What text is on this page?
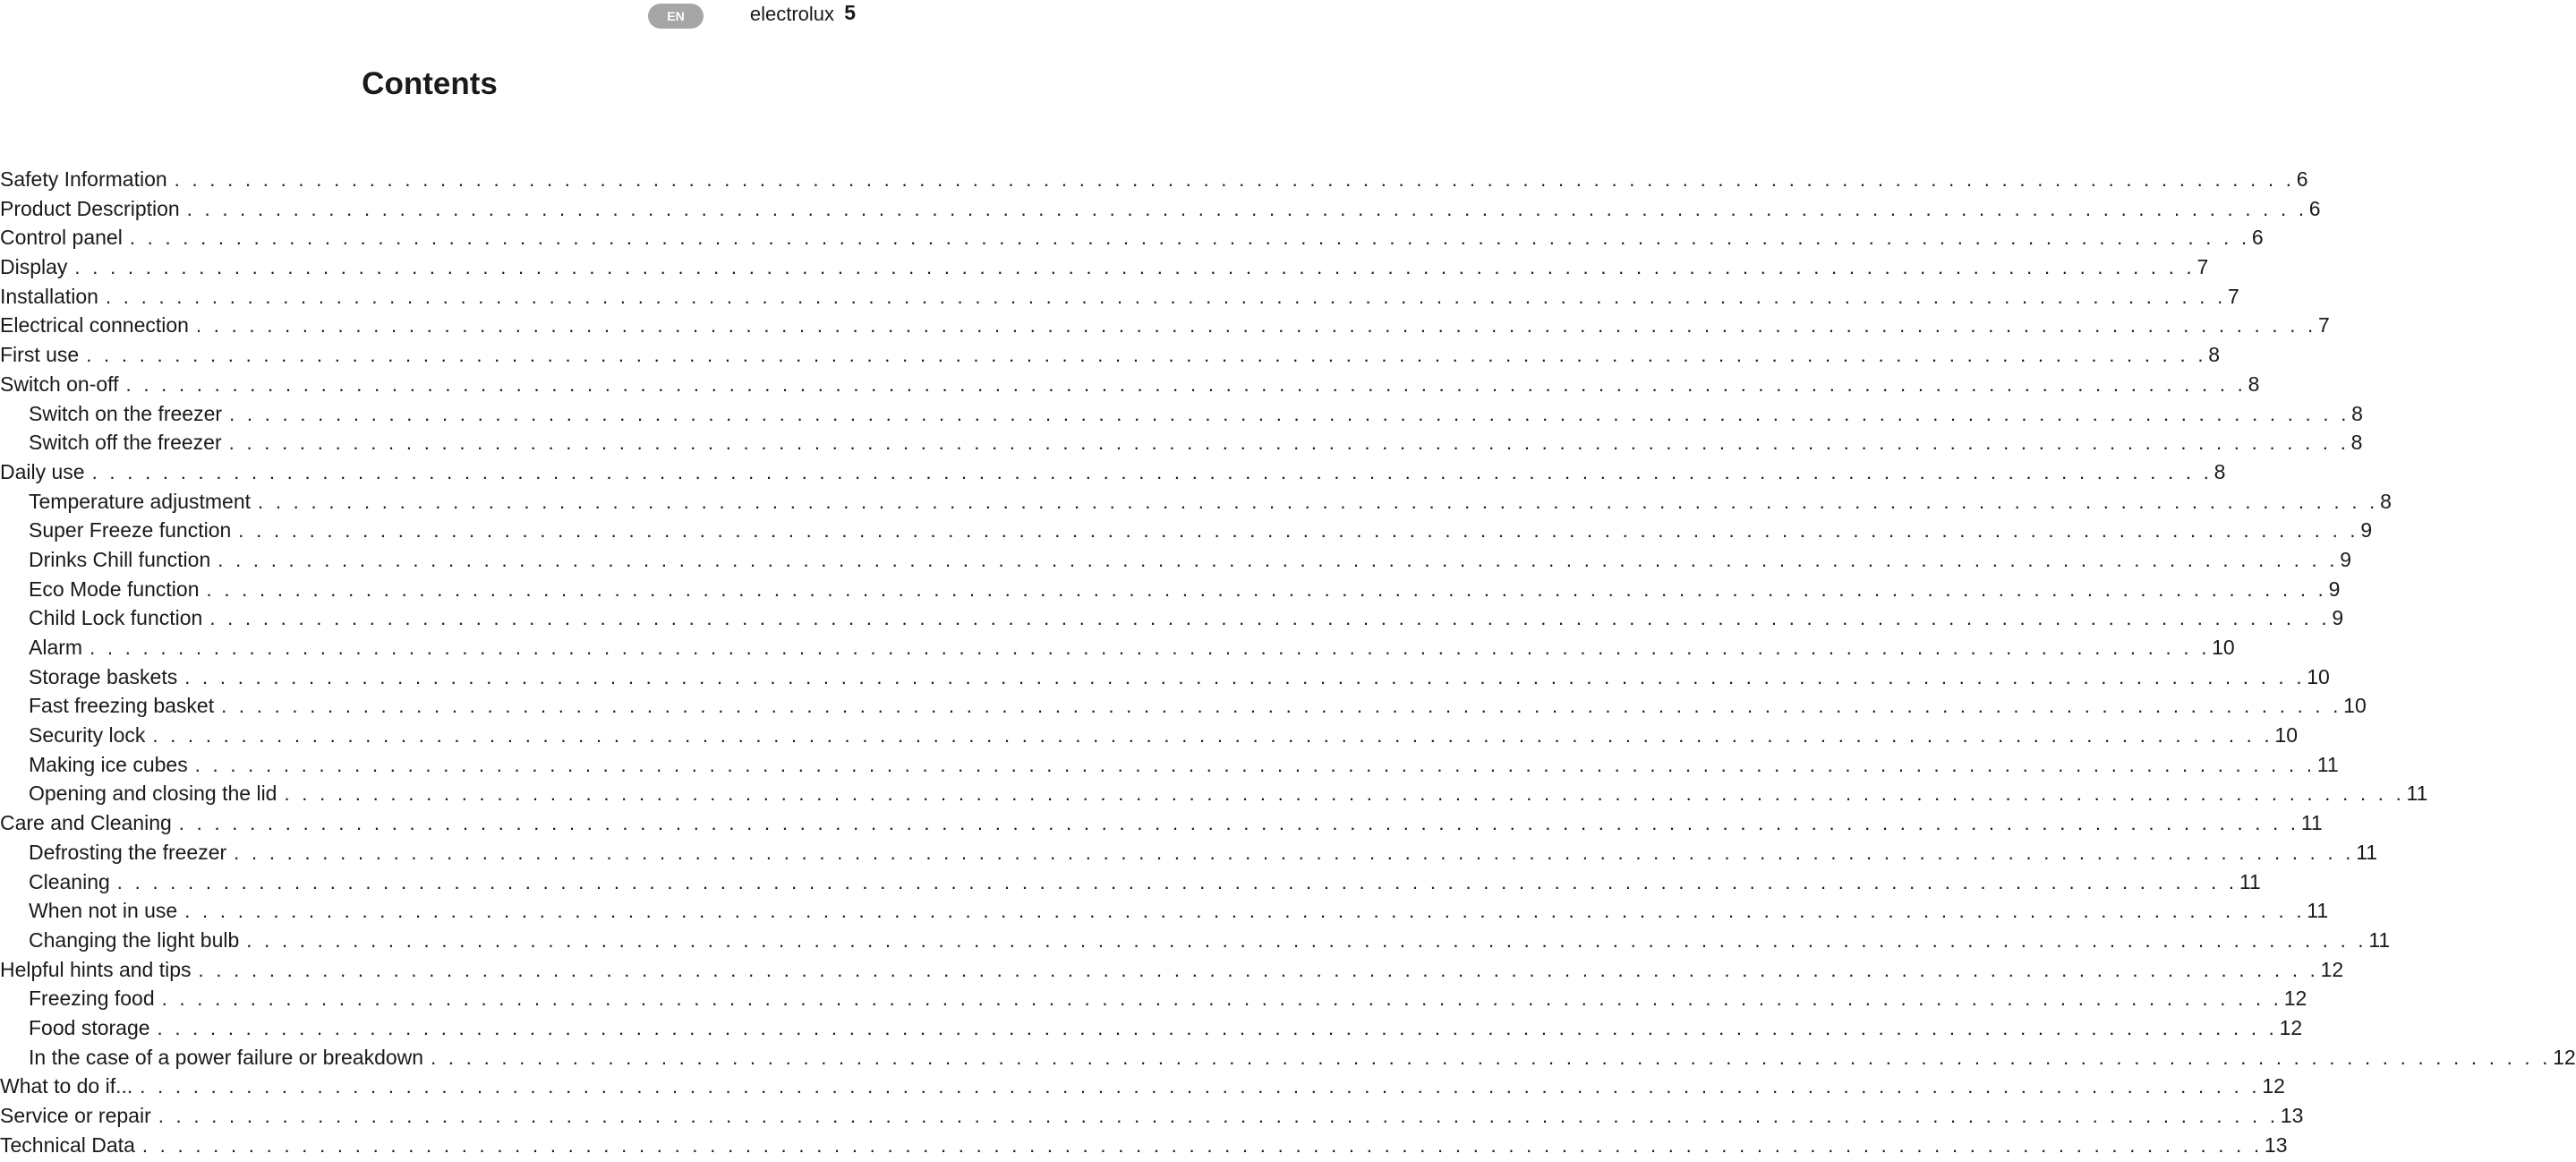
EN	electrolux 5
Contents
Safety Information . . . . . . . . . . . . . . . . . . . . . . . . . . . . . . . . . . . . . . . . . . . . . . . . . . . . . . . . . . . . . . . . . . . . . . . . . . . . . . . . . . . . . . . . . . . . . . . . . . . . . . . . . . . . . . . . . . . . . . . . 6
Product Description . . . . . . . . . . . . . . . . . . . . . . . . . . . . . . . . . . . . . . . . . . . . . . . . . . . . . . . . . . . . . . . . . . . . . . . . . . . . . . . . . . . . . . . . . . . . . . . . . . . . . . . . . . . . . . . . . . . . . . . . 6
Control panel . . . . . . . . . . . . . . . . . . . . . . . . . . . . . . . . . . . . . . . . . . . . . . . . . . . . . . . . . . . . . . . . . . . . . . . . . . . . . . . . . . . . . . . . . . . . . . . . . . . . . . . . . . . . . . . . . . . . . . . . 6
Display . . . . . . . . . . . . . . . . . . . . . . . . . . . . . . . . . . . . . . . . . . . . . . . . . . . . . . . . . . . . . . . . . . . . . . . . . . . . . . . . . . . . . . . . . . . . . . . . . . . . . . . . . . . . . . . . . . . . . . . . 7
Installation . . . . . . . . . . . . . . . . . . . . . . . . . . . . . . . . . . . . . . . . . . . . . . . . . . . . . . . . . . . . . . . . . . . . . . . . . . . . . . . . . . . . . . . . . . . . . . . . . . . . . . . . . . . . . . . . . . . . . . . . 7
Electrical connection . . . . . . . . . . . . . . . . . . . . . . . . . . . . . . . . . . . . . . . . . . . . . . . . . . . . . . . . . . . . . . . . . . . . . . . . . . . . . . . . . . . . . . . . . . . . . . . . . . . . . . . . . . . . . . . . . . . . . . . . 7
First use . . . . . . . . . . . . . . . . . . . . . . . . . . . . . . . . . . . . . . . . . . . . . . . . . . . . . . . . . . . . . . . . . . . . . . . . . . . . . . . . . . . . . . . . . . . . . . . . . . . . . . . . . . . . . . . . . . . . . . . . 8
Switch on-off . . . . . . . . . . . . . . . . . . . . . . . . . . . . . . . . . . . . . . . . . . . . . . . . . . . . . . . . . . . . . . . . . . . . . . . . . . . . . . . . . . . . . . . . . . . . . . . . . . . . . . . . . . . . . . . . . . . . . . . . 8
Switch on the freezer . . . . . . . . . . . . . . . . . . . . . . . . . . . . . . . . . . . . . . . . . . . . . . . . . . . . . . . . . . . . . . . . . . . . . . . . . . . . . . . . . . . . . . . . . . . . . . . . . . . . . . . . . . . . . . . . . . . . . . . . 8
Switch off the freezer . . . . . . . . . . . . . . . . . . . . . . . . . . . . . . . . . . . . . . . . . . . . . . . . . . . . . . . . . . . . . . . . . . . . . . . . . . . . . . . . . . . . . . . . . . . . . . . . . . . . . . . . . . . . . . . . . . . . . . . . 8
Daily use . . . . . . . . . . . . . . . . . . . . . . . . . . . . . . . . . . . . . . . . . . . . . . . . . . . . . . . . . . . . . . . . . . . . . . . . . . . . . . . . . . . . . . . . . . . . . . . . . . . . . . . . . . . . . . . . . . . . . . . . 8
Temperature adjustment . . . . . . . . . . . . . . . . . . . . . . . . . . . . . . . . . . . . . . . . . . . . . . . . . . . . . . . . . . . . . . . . . . . . . . . . . . . . . . . . . . . . . . . . . . . . . . . . . . . . . . . . . . . . . . . . . . . . . . . . 8
Super Freeze function . . . . . . . . . . . . . . . . . . . . . . . . . . . . . . . . . . . . . . . . . . . . . . . . . . . . . . . . . . . . . . . . . . . . . . . . . . . . . . . . . . . . . . . . . . . . . . . . . . . . . . . . . . . . . . . . . . . . . . . . 9
Drinks Chill function . . . . . . . . . . . . . . . . . . . . . . . . . . . . . . . . . . . . . . . . . . . . . . . . . . . . . . . . . . . . . . . . . . . . . . . . . . . . . . . . . . . . . . . . . . . . . . . . . . . . . . . . . . . . . . . . . . . . . . . . 9
Eco Mode function . . . . . . . . . . . . . . . . . . . . . . . . . . . . . . . . . . . . . . . . . . . . . . . . . . . . . . . . . . . . . . . . . . . . . . . . . . . . . . . . . . . . . . . . . . . . . . . . . . . . . . . . . . . . . . . . . . . . . . . . 9
Child Lock function . . . . . . . . . . . . . . . . . . . . . . . . . . . . . . . . . . . . . . . . . . . . . . . . . . . . . . . . . . . . . . . . . . . . . . . . . . . . . . . . . . . . . . . . . . . . . . . . . . . . . . . . . . . . . . . . . . . . . . . . 9
Alarm . . . . . . . . . . . . . . . . . . . . . . . . . . . . . . . . . . . . . . . . . . . . . . . . . . . . . . . . . . . . . . . . . . . . . . . . . . . . . . . . . . . . . . . . . . . . . . . . . . . . . . . . . . . . . . . . . . . . . . . . 10
Storage baskets . . . . . . . . . . . . . . . . . . . . . . . . . . . . . . . . . . . . . . . . . . . . . . . . . . . . . . . . . . . . . . . . . . . . . . . . . . . . . . . . . . . . . . . . . . . . . . . . . . . . . . . . . . . . . . . . . . . . . . . . 10
Fast freezing basket . . . . . . . . . . . . . . . . . . . . . . . . . . . . . . . . . . . . . . . . . . . . . . . . . . . . . . . . . . . . . . . . . . . . . . . . . . . . . . . . . . . . . . . . . . . . . . . . . . . . . . . . . . . . . . . . . . . . . . . . 10
Security lock . . . . . . . . . . . . . . . . . . . . . . . . . . . . . . . . . . . . . . . . . . . . . . . . . . . . . . . . . . . . . . . . . . . . . . . . . . . . . . . . . . . . . . . . . . . . . . . . . . . . . . . . . . . . . . . . . . . . . . . . 10
Making ice cubes . . . . . . . . . . . . . . . . . . . . . . . . . . . . . . . . . . . . . . . . . . . . . . . . . . . . . . . . . . . . . . . . . . . . . . . . . . . . . . . . . . . . . . . . . . . . . . . . . . . . . . . . . . . . . . . . . . . . . . . . 11
Opening and closing the lid . . . . . . . . . . . . . . . . . . . . . . . . . . . . . . . . . . . . . . . . . . . . . . . . . . . . . . . . . . . . . . . . . . . . . . . . . . . . . . . . . . . . . . . . . . . . . . . . . . . . . . . . . . . . . . . . . . . . . . . . 11
Care and Cleaning . . . . . . . . . . . . . . . . . . . . . . . . . . . . . . . . . . . . . . . . . . . . . . . . . . . . . . . . . . . . . . . . . . . . . . . . . . . . . . . . . . . . . . . . . . . . . . . . . . . . . . . . . . . . . . . . . . . . . . . . 11
Defrosting the freezer . . . . . . . . . . . . . . . . . . . . . . . . . . . . . . . . . . . . . . . . . . . . . . . . . . . . . . . . . . . . . . . . . . . . . . . . . . . . . . . . . . . . . . . . . . . . . . . . . . . . . . . . . . . . . . . . . . . . . . . . 11
Cleaning . . . . . . . . . . . . . . . . . . . . . . . . . . . . . . . . . . . . . . . . . . . . . . . . . . . . . . . . . . . . . . . . . . . . . . . . . . . . . . . . . . . . . . . . . . . . . . . . . . . . . . . . . . . . . . . . . . . . . . . . 11
When not in use . . . . . . . . . . . . . . . . . . . . . . . . . . . . . . . . . . . . . . . . . . . . . . . . . . . . . . . . . . . . . . . . . . . . . . . . . . . . . . . . . . . . . . . . . . . . . . . . . . . . . . . . . . . . . . . . . . . . . . . . 11
Changing the light bulb . . . . . . . . . . . . . . . . . . . . . . . . . . . . . . . . . . . . . . . . . . . . . . . . . . . . . . . . . . . . . . . . . . . . . . . . . . . . . . . . . . . . . . . . . . . . . . . . . . . . . . . . . . . . . . . . . . . . . . . . 11
Helpful hints and tips . . . . . . . . . . . . . . . . . . . . . . . . . . . . . . . . . . . . . . . . . . . . . . . . . . . . . . . . . . . . . . . . . . . . . . . . . . . . . . . . . . . . . . . . . . . . . . . . . . . . . . . . . . . . . . . . . . . . . . . . 12
Freezing food . . . . . . . . . . . . . . . . . . . . . . . . . . . . . . . . . . . . . . . . . . . . . . . . . . . . . . . . . . . . . . . . . . . . . . . . . . . . . . . . . . . . . . . . . . . . . . . . . . . . . . . . . . . . . . . . . . . . . . . . 12
Food storage . . . . . . . . . . . . . . . . . . . . . . . . . . . . . . . . . . . . . . . . . . . . . . . . . . . . . . . . . . . . . . . . . . . . . . . . . . . . . . . . . . . . . . . . . . . . . . . . . . . . . . . . . . . . . . . . . . . . . . . . 12
In the case of a power failure or breakdown . . . . . . . . . . . . . . . . . . . . . . . . . . . . . . . . . . . . . . . . . . . . . . . . . . . . . . . . . . . . . . . . . . . . . . . . . . . . . . . . . . . . . . . . . . . . . . . . . . . . . . . . . . . . . . . . . . . . . . . . 12
What to do if... . . . . . . . . . . . . . . . . . . . . . . . . . . . . . . . . . . . . . . . . . . . . . . . . . . . . . . . . . . . . . . . . . . . . . . . . . . . . . . . . . . . . . . . . . . . . . . . . . . . . . . . . . . . . . . . . . . . . . . . . 12
Service or repair . . . . . . . . . . . . . . . . . . . . . . . . . . . . . . . . . . . . . . . . . . . . . . . . . . . . . . . . . . . . . . . . . . . . . . . . . . . . . . . . . . . . . . . . . . . . . . . . . . . . . . . . . . . . . . . . . . . . . . . . 13
Technical Data . . . . . . . . . . . . . . . . . . . . . . . . . . . . . . . . . . . . . . . . . . . . . . . . . . . . . . . . . . . . . . . . . . . . . . . . . . . . . . . . . . . . . . . . . . . . . . . . . . . . . . . . . . . . . . . . . . . . . . . . 13
